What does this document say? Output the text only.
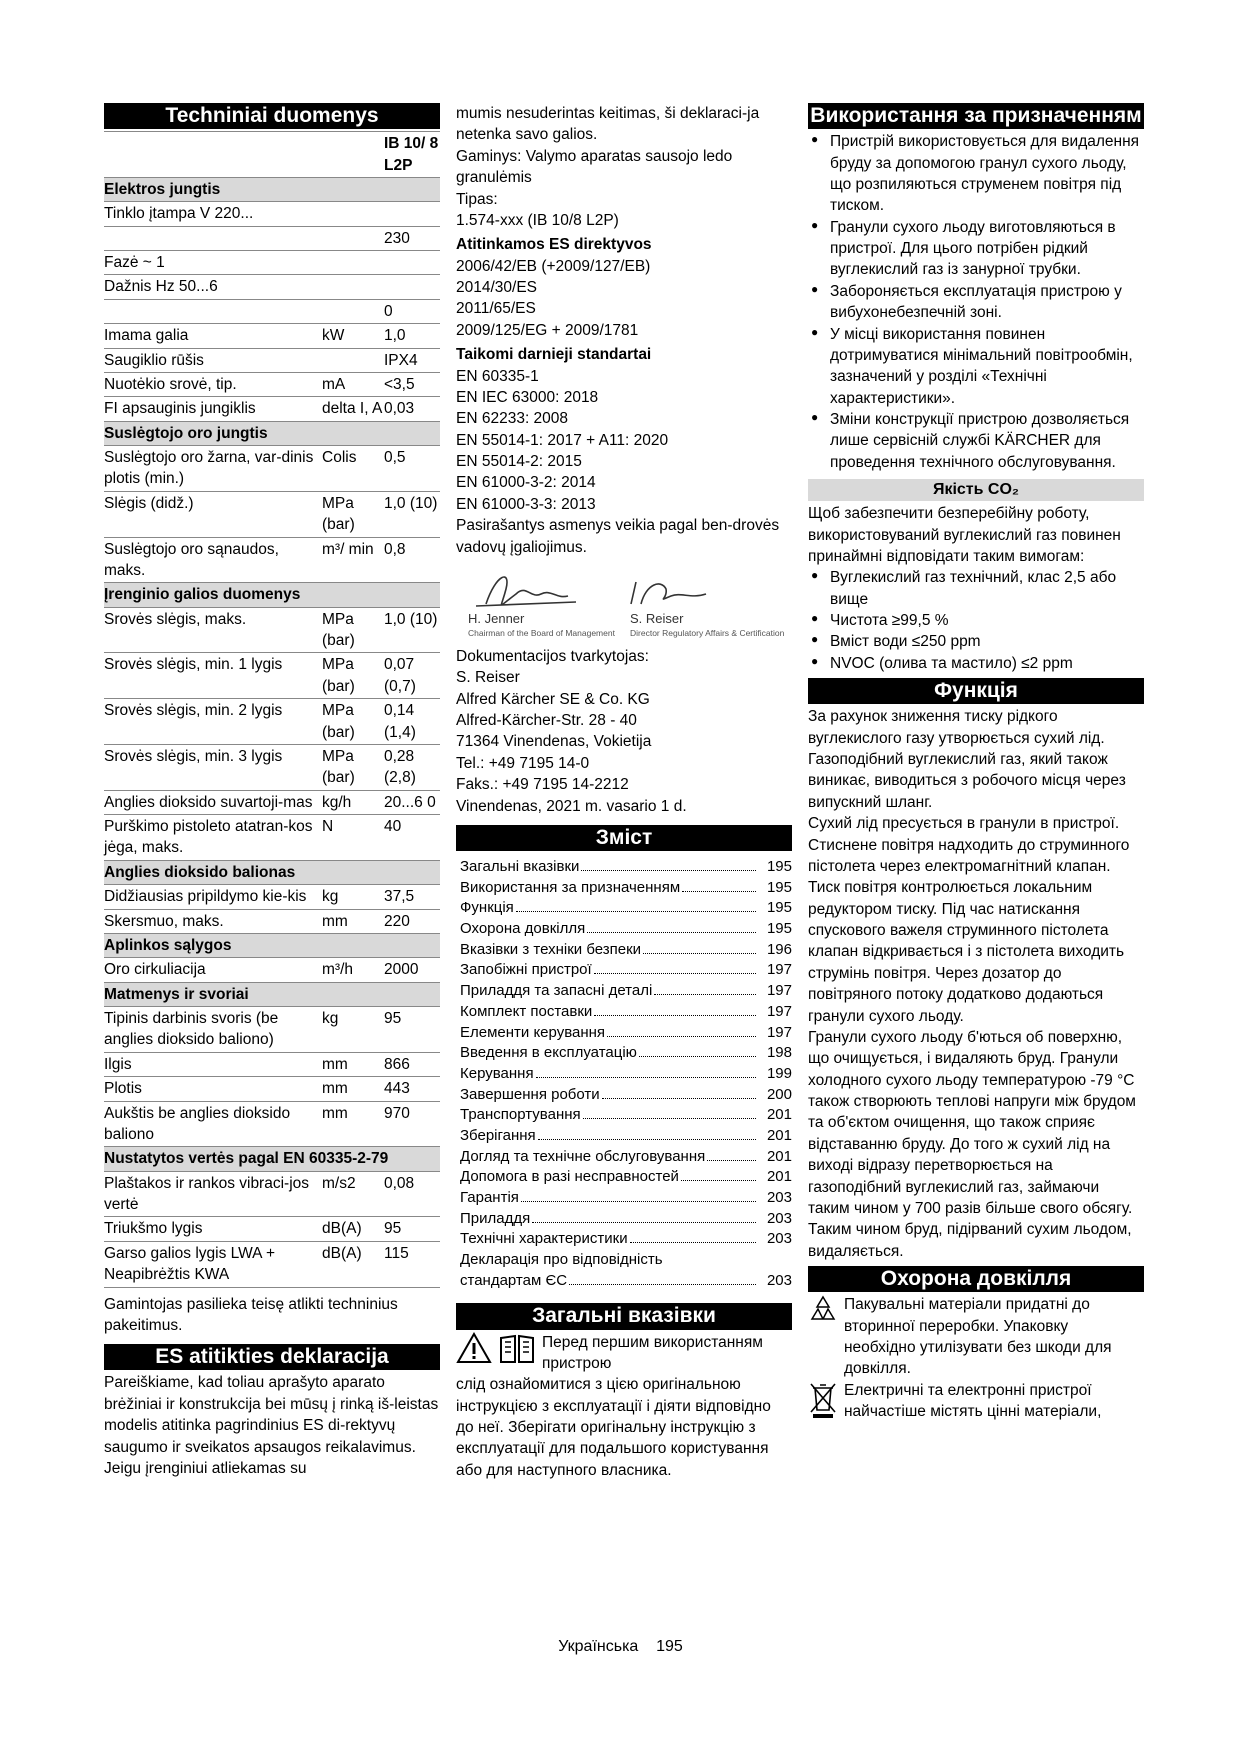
Techniniai duomenys
		IB 10/ 8 L2P
Elektros jungtis		
Tinklo įtampa V 220...		
		230
Fazė ~ 1		
Dažnis Hz 50...6		
		0
Imama galia	kW	1,0
Saugiklio rūšis		IPX4
Nuotėkio srovė, tip.	mA	<3,5
FI apsauginis jungiklis	delta I, A	0,03
Suslėgtojo oro jungtis		
Suslėgtojo oro žarna, var-dinis plotis (min.)	Colis	0,5
Slėgis (didž.)	MPa (bar)	1,0 (10)
Suslėgtojo oro sąnaudos, maks.	m³/ min	0,8
Įrenginio galios duomenys		
Srovės slėgis, maks.	MPa (bar)	1,0 (10)
Srovės slėgis, min. 1 lygis	MPa (bar)	0,07 (0,7)
Srovės slėgis, min. 2 lygis	MPa (bar)	0,14 (1,4)
Srovės slėgis, min. 3 lygis	MPa (bar)	0,28 (2,8)
Anglies dioksido suvartoji-mas	kg/h	20...6 0
Purškimo pistoleto atatran-kos jėga, maks.	N	40
Anglies dioksido balionas		
Didžiausias pripildymo kie-kis	kg	37,5
Skersmuo, maks.	mm	220
Aplinkos sąlygos		
Oro cirkuliacija	m³/h	2000
Matmenys ir svoriai		
Tipinis darbinis svoris (be anglies dioksido baliono)	kg	95
Ilgis	mm	866
Plotis	mm	443
Aukštis be anglies dioksido baliono	mm	970
Nustatytos vertės pagal EN 60335-2-79		
Plaštakos ir rankos vibraci-jos vertė	m/s2	0,08
Triukšmo lygis	dB(A)	95
Garso galios lygis LWA + Neapibrėžtis KWA	dB(A)	115

Gamintojas pasilieka teisę atlikti techninius pakeitimus.

ES atitikties deklaracija

Pareiškiame, kad toliau aprašyto aparato brėžiniai ir konstrukcija bei mūsų į rinką iš-leistas modelis atitinka pagrindinius ES di-rektyvų saugumo ir sveikatos apsaugos reikalavimus. Jeigu įrenginiui atliekamas su

mumis nesuderintas keitimas, ši deklaraci-ja netenka savo galios.

Gaminys: Valymo aparatas sausojo ledo granulėmis

Tipas:

1.574-xxx (IB 10/8 L2P)

Atitinkamos ES direktyvos

2006/42/EB (+2009/127/EB)
2014/30/ES
2011/65/ES
2009/125/EG + 2009/1781

Taikomi darnieji standartai

EN 60335-1
EN IEC 63000: 2018
EN 62233: 2008
EN 55014-1: 2017 + A11: 2020
EN 55014-2: 2015
EN 61000-3-2: 2014
EN 61000-3-3: 2013

Pasirašantys asmenys veikia pagal ben-drovės vadovų įgaliojimus.

H. Jenner
Chairman of the Board of Management
S. Reiser
Director Regulatory Affairs & Certification
Dokumentacijos tvarkytojas:
S. Reiser
Alfred Kärcher SE & Co. KG
Alfred-Kärcher-Str. 28 - 40
71364 Vinendenas, Vokietija
Tel.: +49 7195 14-0
Faks.: +49 7195 14-2212
Vinendenas, 2021 m. vasario 1 d.
Зміст
Загальні вказівки	195
Використання за призначенням	195
Функція	195
Охорона довкілля	195
Вказівки з техніки безпеки	196
Запобіжні пристрої	197
Приладдя та запасні деталі	197
Комплект поставки	197
Елементи керування	197
Введення в експлуатацію	198
Керування	199
Завершення роботи	200
Транспортування	201
Зберігання	201
Догляд та технічне обслуговування	201
Допомога в разі несправностей	201
Гарантія	203
Приладдя	203
Технічні характеристики	203
Декларація про відповідність
стандартам ЄС	203
Загальні вказівки
Перед першим використанням пристрою

слід ознайомитися з цією оригінальною інструкцією з експлуатації і діяти відповідно до неї. Зберігати оригінальну інструкцію з експлуатації для подальшого користування або для наступного власника.

Використання за призначенням
● Пристрій використовується для видалення бруду за допомогою гранул сухого льоду, що розпиляються струменем повітря під тиском.
● Гранули сухого льоду виготовляються в пристрої. Для цього потрібен рідкий вуглекислий газ із занурної трубки.
● Забороняється експлуатація пристрою у вибухонебезпечній зоні.
● У місці використання повинен дотримуватися мінімальний повітрообмін, зазначений у розділі «Технічні характеристики».
● Зміни конструкції пристрою дозволяється лише сервісній службі KÄRCHER для проведення технічного обслуговування.
Якість CO₂

Щоб забезпечити безперебійну роботу, використовуваний вуглекислий газ повинен принаймні відповідати таким вимогам:

● Вуглекислий газ технічний, клас 2,5 або вище
● Чистота ≥99,5 %
● Вміст води ≤250 ppm
● NVOC (олива та мастило) ≤2 ppm
Функція

За рахунок зниження тиску рідкого вуглекислого газу утворюється сухий лід. Газоподібний вуглекислий газ, який також виникає, виводиться з робочого місця через випускний шланг.

Сухий лід пресується в гранули в пристрої.

Стиснене повітря надходить до струминного пістолета через електромагнітний клапан. Тиск повітря контролюється локальним редуктором тиску. Під час натискання спускового важеля струминного пістолета клапан відкривається і з пістолета виходить струмінь повітря. Через дозатор до повітряного потоку додатково додаються гранули сухого льоду.

Гранули сухого льоду б'ються об поверхню, що очищується, і видаляють бруд. Гранули холодного сухого льоду температурою -79 °C також створюють теплові напруги між брудом та об'єктом очищення, що також сприяє відставанню бруду. До того ж сухий лід на виході відразу перетворюється на газоподібний вуглекислий газ, займаючи таким чином у 700 разів більше свого обсягу. Таким чином бруд, підірваний сухим льодом, видаляється.

Охорона довкілля

Пакувальні матеріали придатні до вторинної переробки. Упаковку необхідно утилізувати без шкоди для довкілля.

Електричні та електронні пристрої найчастіше містять цінні матеріали,

Українська 195
